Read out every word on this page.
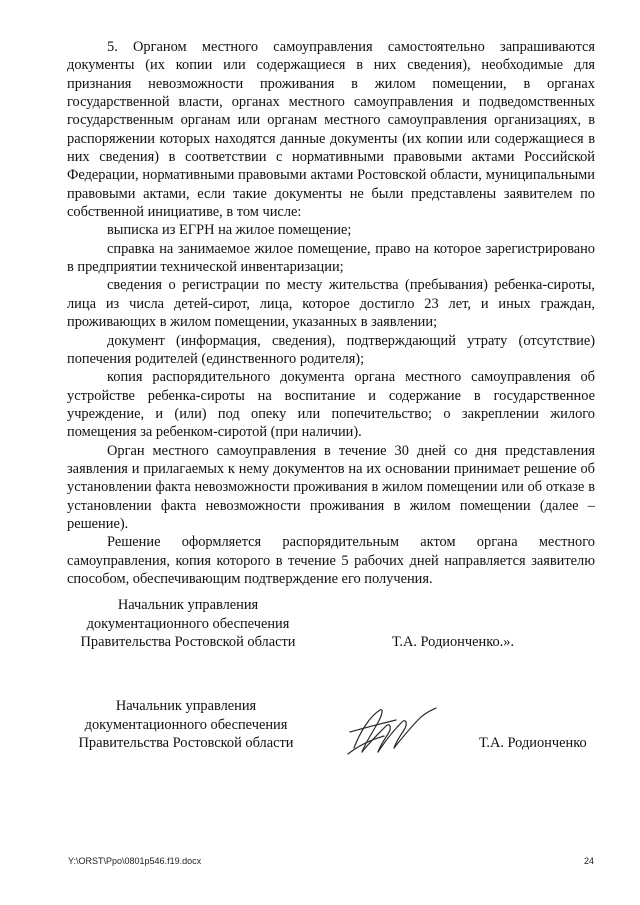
5. Органом местного самоуправления самостоятельно запрашиваются документы (их копии или содержащиеся в них сведения), необходимые для признания невозможности проживания в жилом помещении, в органах государственной власти, органах местного самоуправления и подведомственных государственным органам или органам местного самоуправления организациях, в распоряжении которых находятся данные документы (их копии или содержащиеся в них сведения) в соответствии с нормативными правовыми актами Российской Федерации, нормативными правовыми актами Ростовской области, муниципальными правовыми актами, если такие документы не были представлены заявителем по собственной инициативе, в том числе:

выписка из ЕГРН на жилое помещение;

справка на занимаемое жилое помещение, право на которое зарегистрировано в предприятии технической инвентаризации;

сведения о регистрации по месту жительства (пребывания) ребенка-сироты, лица из числа детей-сирот, лица, которое достигло 23 лет, и иных граждан, проживающих в жилом помещении, указанных в заявлении;

документ (информация, сведения), подтверждающий утрату (отсутствие) попечения родителей (единственного родителя);

копия распорядительного документа органа местного самоуправления об устройстве ребенка-сироты на воспитание и содержание в государственное учреждение, и (или) под опеку или попечительство; о закреплении жилого помещения за ребенком-сиротой (при наличии).

Орган местного самоуправления в течение 30 дней со дня представления заявления и прилагаемых к нему документов на их основании принимает решение об установлении факта невозможности проживания в жилом помещении или об отказе в установлении факта невозможности проживания в жилом помещении (далее – решение).

Решение оформляется распорядительным актом органа местного самоуправления, копия которого в течение 5 рабочих дней направляется заявителю способом, обеспечивающим подтверждение его получения.

Начальник управления
документационного обеспечения
Правительства Ростовской области	Т.А. Родионченко.».
Начальник управления
документационного обеспечения
Правительства Ростовской области	Т.А. Родионченко
Y:\ORST\Ppo\0801p546.f19.docx	24
